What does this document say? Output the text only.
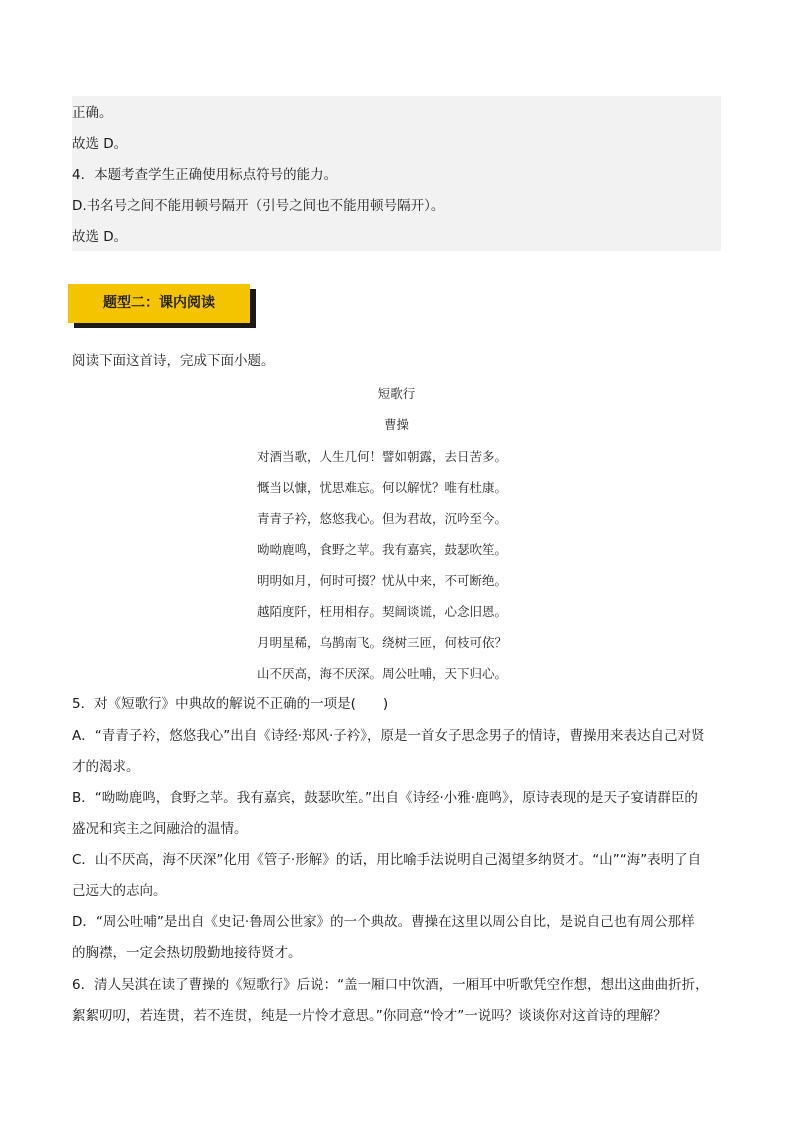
正确。
故选 D。
4．本题考查学生正确使用标点符号的能力。
D.书名号之间不能用顿号隔开（引号之间也不能用顿号隔开）。
故选 D。
题型二：课内阅读
阅读下面这首诗，完成下面小题。
短歌行
曹操
对酒当歌，人生几何！譬如朝露，去日苦多。
慨当以慷，忧思难忘。何以解忧？唯有杜康。
青青子衿，悠悠我心。但为君故，沉吟至今。
呦呦鹿鸣，食野之苹。我有嘉宾，鼓瑟吹笙。
明明如月，何时可掇？忧从中来，不可断绝。
越陌度阡，枉用相存。契阔谈谎，心念旧恩。
月明星稀，乌鹊南飞。绕树三匝，何枝可依？
山不厌高，海不厌深。周公吐哺，天下归心。
5．对《短歌行》中典故的解说不正确的一项是(　　)
A．“青青子衿，悠悠我心”出自《诗经·郑风·子衿》，原是一首女子思念男子的情诗，曹操用来表达自己对贤
才的渴求。
B．“呦呦鹿鸣，食野之苹。我有嘉宾，鼓瑟吹笙。”出自《诗经·小雅·鹿鸣》，原诗表现的是天子宴请群臣的
盛况和宾主之间融洽的温情。
C．山不厌高，海不厌深”化用《管子·形解》的话，用比喻手法说明自己渴望多纳贤才。“山”“海”表明了自
己远大的志向。
D．“周公吐哺”是出自《史记·鲁周公世家》的一个典故。曹操在这里以周公自比，是说自己也有周公那样
的胸襟，一定会热切殷勤地接待贤才。
6．清人吴淇在读了曹操的《短歌行》后说：“盖一厢口中饮酒，一厢耳中听歌凭空作想，想出这曲曲折折，
絮絮叨叨，若连贯，若不连贯，纯是一片怜才意思。”你同意“怜才”一说吗？谈谈你对这首诗的理解？
